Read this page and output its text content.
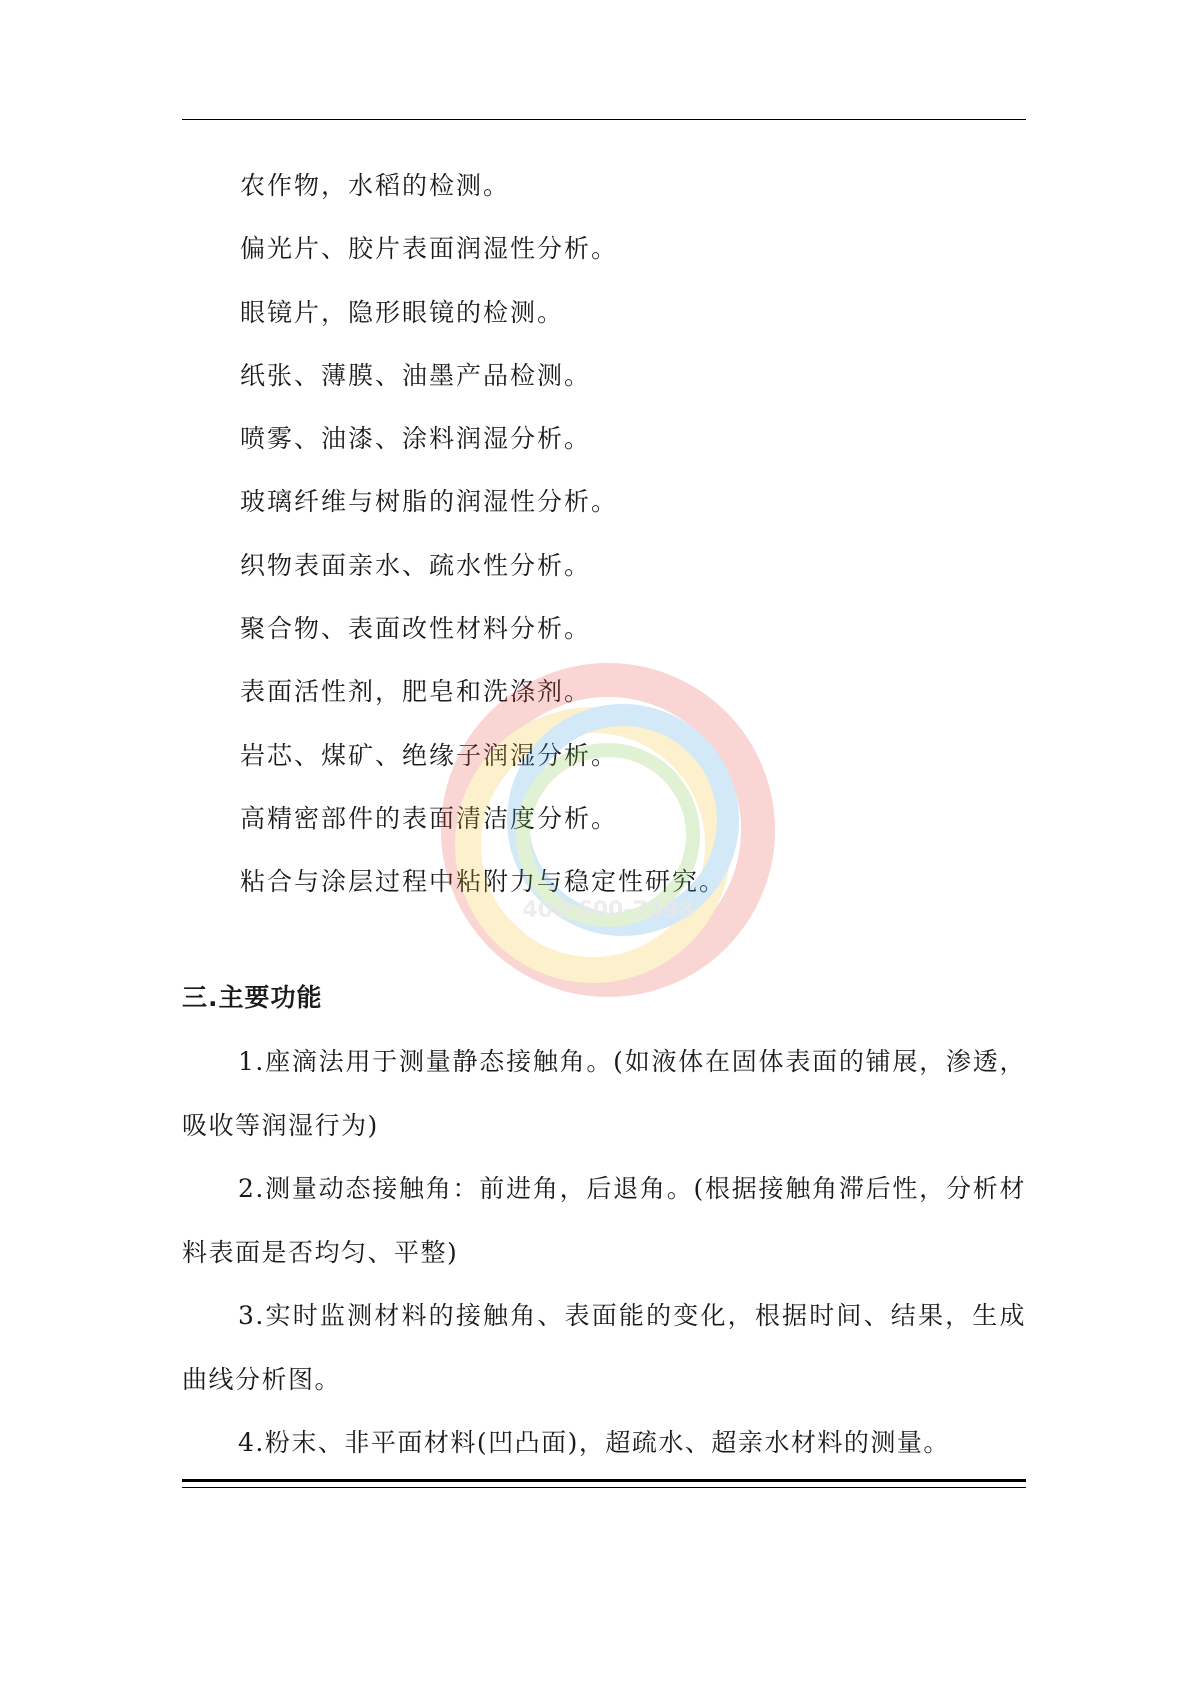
农作物，水稻的检测。
偏光片、胶片表面润湿性分析。
眼镜片，隐形眼镜的检测。
纸张、薄膜、油墨产品检测。
喷雾、油漆、涂料润湿分析。
玻璃纤维与树脂的润湿性分析。
织物表面亲水、疏水性分析。
聚合物、表面改性材料分析。
表面活性剂，肥皂和洗涤剂。
岩芯、煤矿、绝缘子润湿分析。
高精密部件的表面清洁度分析。
粘合与涂层过程中粘附力与稳定性研究。
400-600-7498
三.主要功能

1.座滴法用于测量静态接触角。(如液体在固体表面的铺展，渗透，吸收等润湿行为)

2.测量动态接触角：前进角，后退角。(根据接触角滞后性，分析材料表面是否均匀、平整)

3.实时监测材料的接触角、表面能的变化，根据时间、结果，生成曲线分析图。

4.粉末、非平面材料(凹凸面)，超疏水、超亲水材料的测量。
